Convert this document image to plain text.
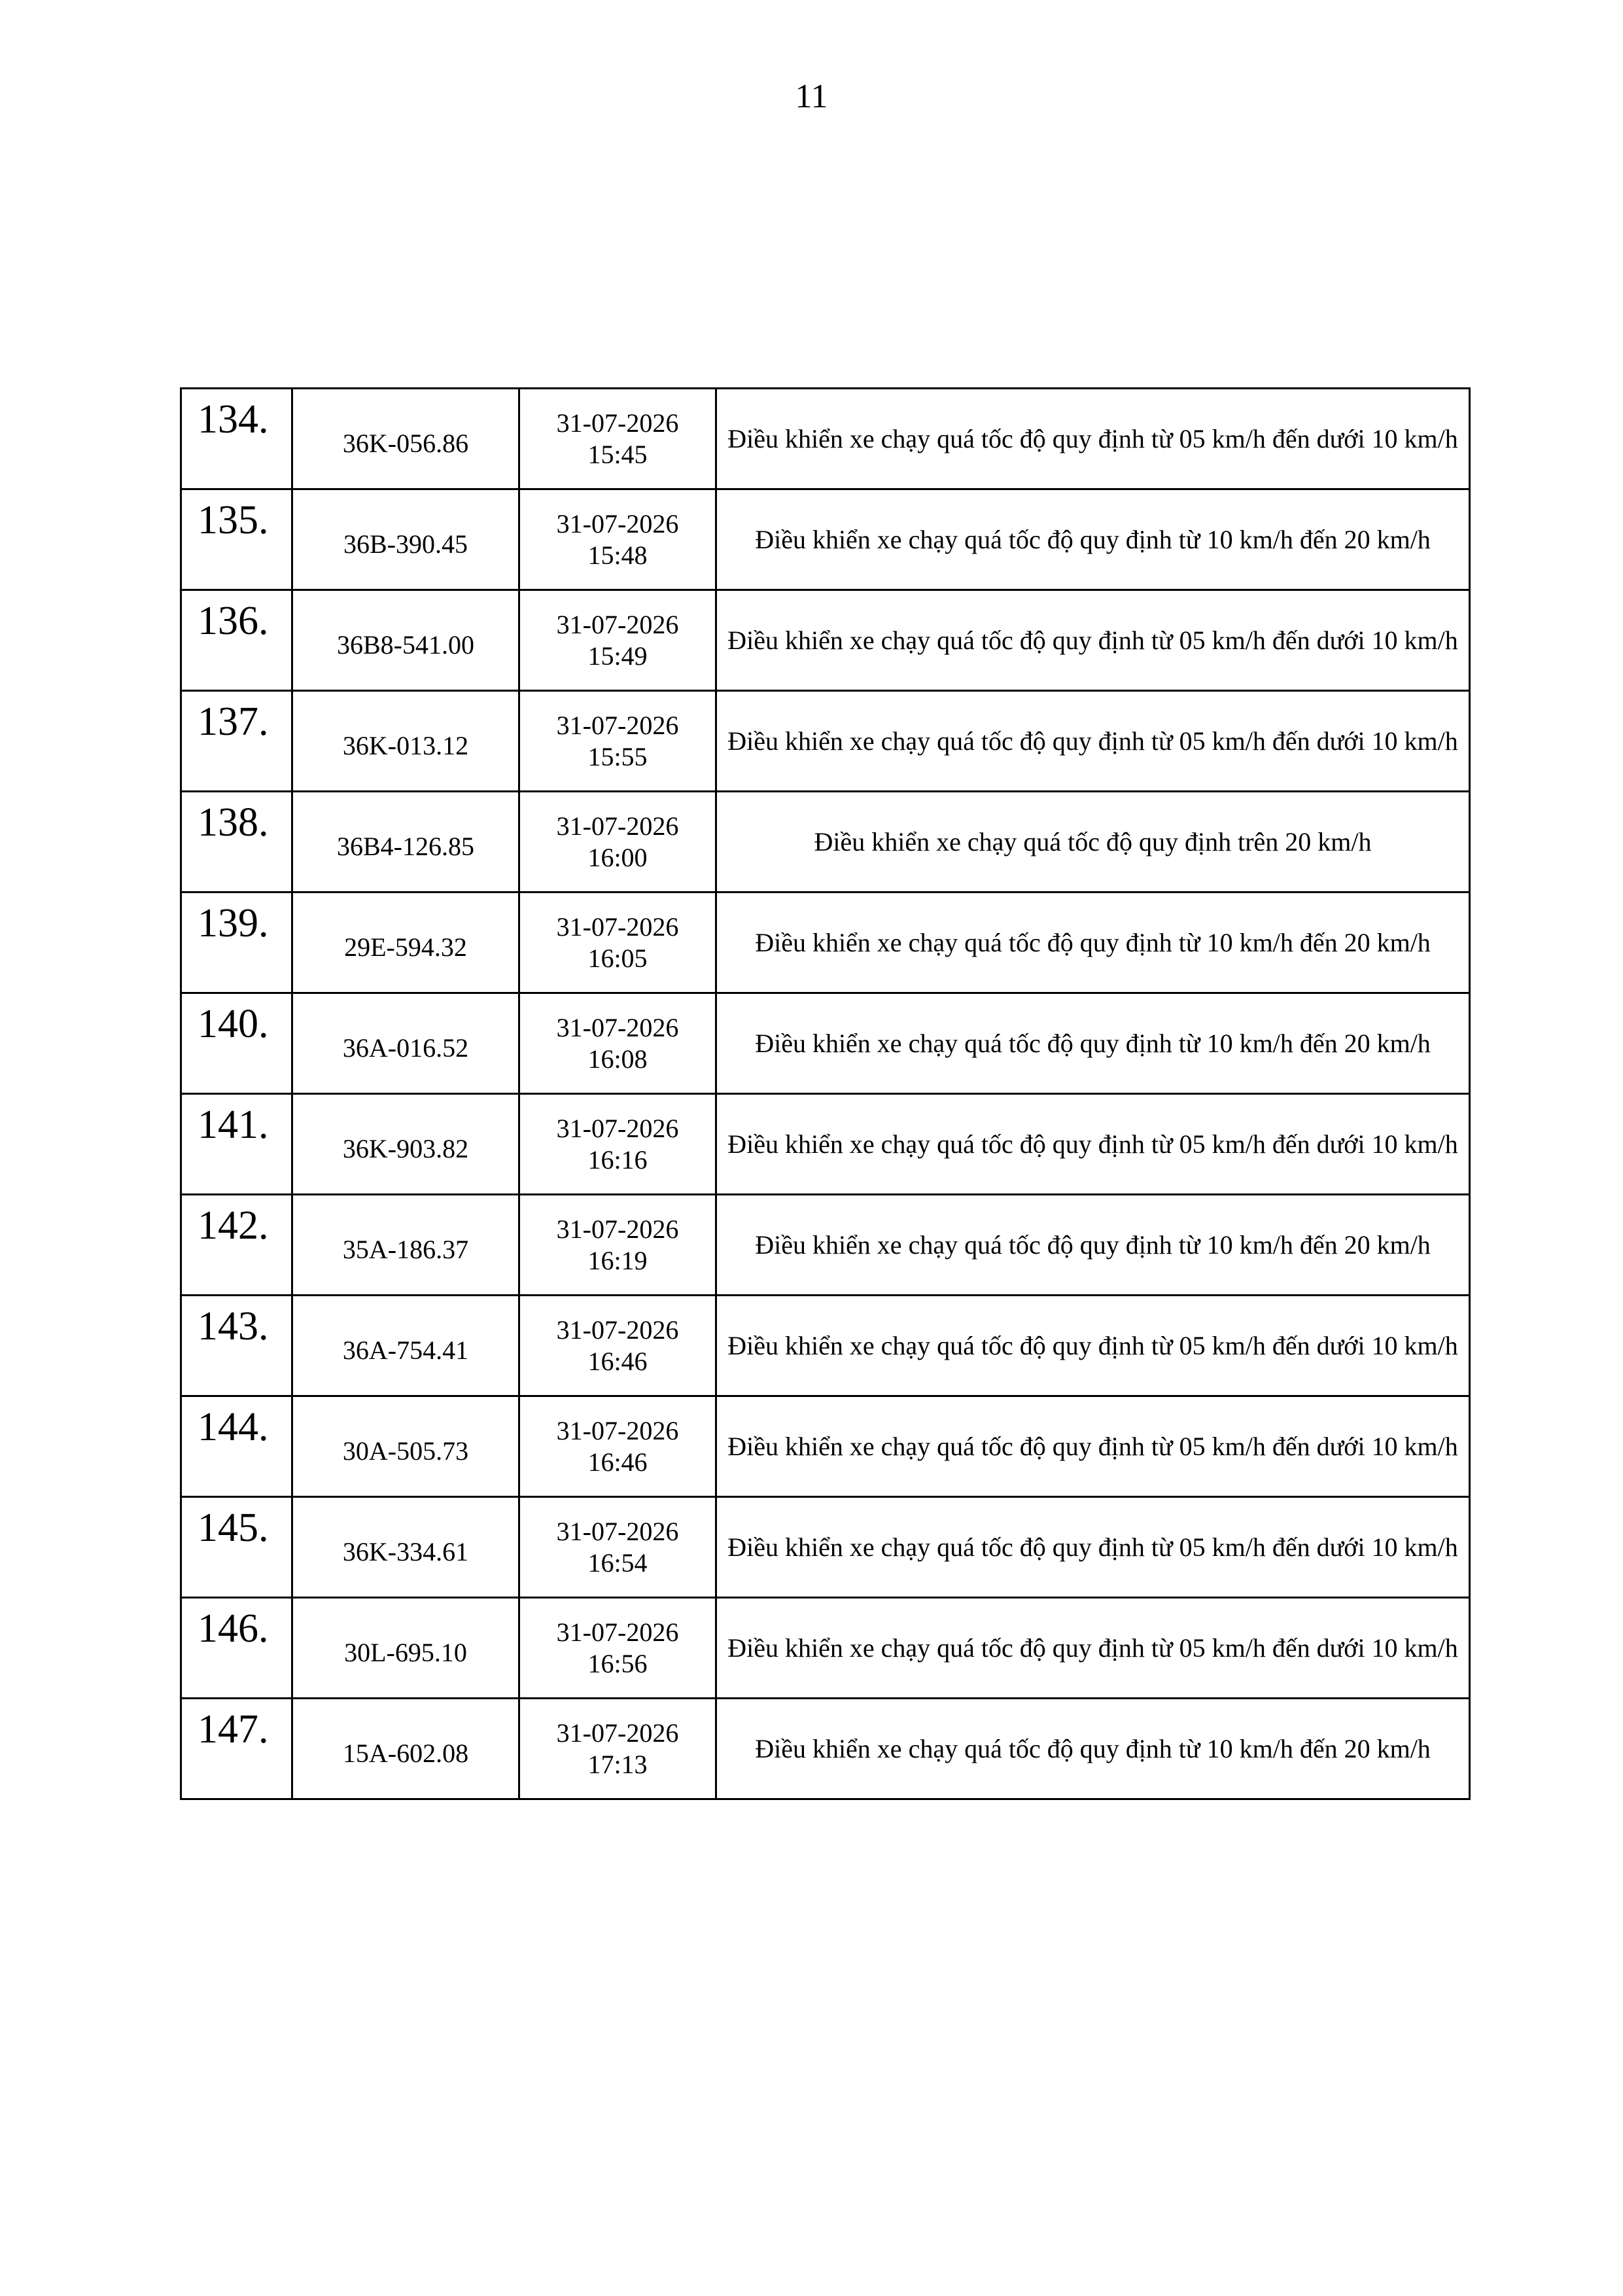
11
134.	36K-056.86	31-07-2026
15:45	Điều khiển xe chạy quá tốc độ quy định từ 05 km/h đến dưới 10 km/h

135.	36B-390.45	31-07-2026
15:48	Điều khiển xe chạy quá tốc độ quy định từ 10 km/h đến 20 km/h

136.	36B8-541.00	31-07-2026
15:49	Điều khiển xe chạy quá tốc độ quy định từ 05 km/h đến dưới 10 km/h

137.	36K-013.12	31-07-2026
15:55	Điều khiển xe chạy quá tốc độ quy định từ 05 km/h đến dưới 10 km/h

138.	36B4-126.85	31-07-2026
16:00	Điều khiển xe chạy quá tốc độ quy định trên 20 km/h

139.	29E-594.32	31-07-2026
16:05	Điều khiển xe chạy quá tốc độ quy định từ 10 km/h đến 20 km/h

140.	36A-016.52	31-07-2026
16:08	Điều khiển xe chạy quá tốc độ quy định từ 10 km/h đến 20 km/h

141.	36K-903.82	31-07-2026
16:16	Điều khiển xe chạy quá tốc độ quy định từ 05 km/h đến dưới 10 km/h

142.	35A-186.37	31-07-2026
16:19	Điều khiển xe chạy quá tốc độ quy định từ 10 km/h đến 20 km/h

143.	36A-754.41	31-07-2026
16:46	Điều khiển xe chạy quá tốc độ quy định từ 05 km/h đến dưới 10 km/h

144.	30A-505.73	31-07-2026
16:46	Điều khiển xe chạy quá tốc độ quy định từ 05 km/h đến dưới 10 km/h

145.	36K-334.61	31-07-2026
16:54	Điều khiển xe chạy quá tốc độ quy định từ 05 km/h đến dưới 10 km/h

146.	30L-695.10	31-07-2026
16:56	Điều khiển xe chạy quá tốc độ quy định từ 05 km/h đến dưới 10 km/h

147.	15A-602.08	31-07-2026
17:13	Điều khiển xe chạy quá tốc độ quy định từ 10 km/h đến 20 km/h
